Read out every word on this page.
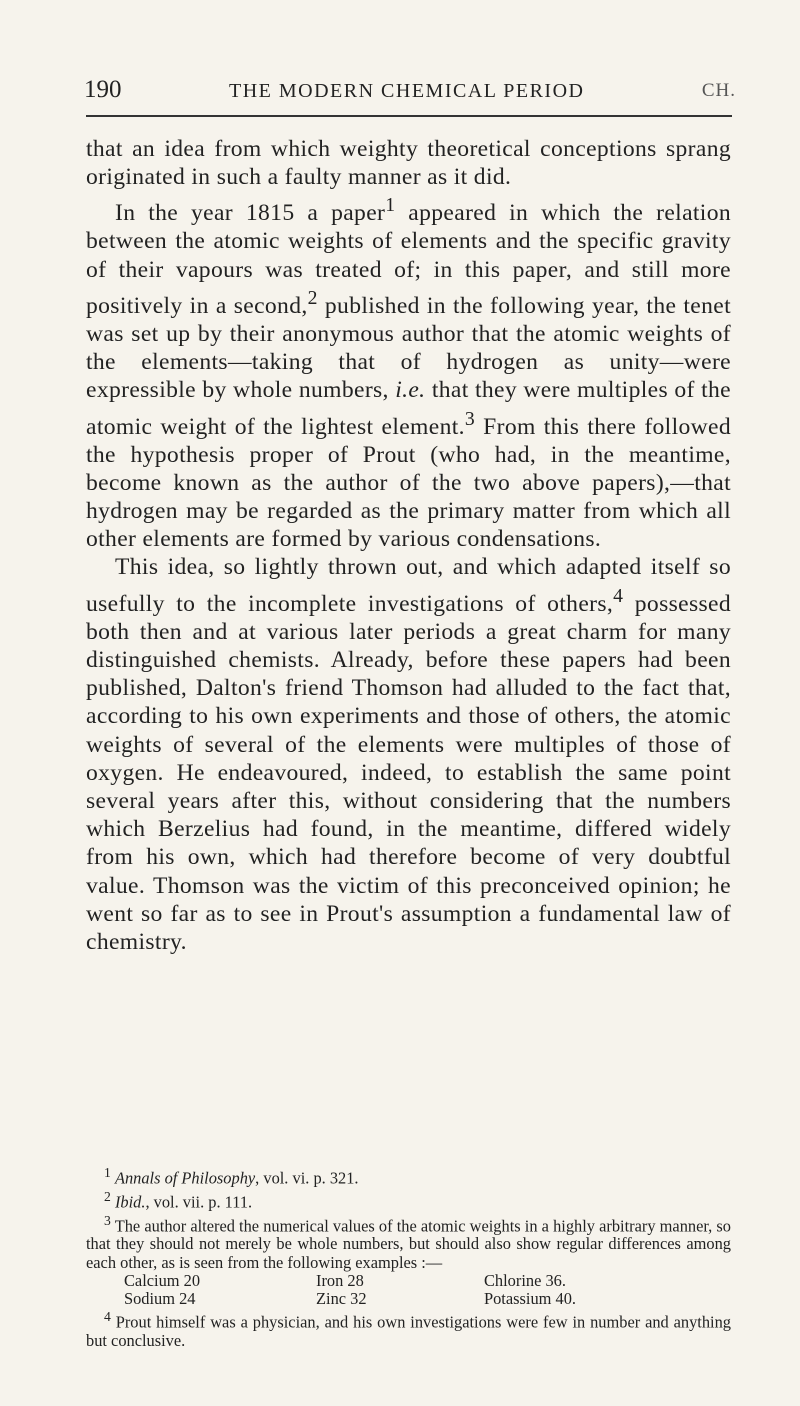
190	THE MODERN CHEMICAL PERIOD	CH.

that an idea from which weighty theoretical conceptions sprang originated in such a faulty manner as it did.

In the year 1815 a paper$^1$ appeared in which the relation between the atomic weights of elements and the specific gravity of their vapours was treated of; in this paper, and still more positively in a second,$^2$ published in the following year, the tenet was set up by their anonymous author that the atomic weights of the elements—taking that of hydrogen as unity—were expressible by whole numbers, i.e. that they were multiples of the atomic weight of the lightest element.$^3$ From this there followed the hypothesis proper of Prout (who had, in the meantime, become known as the author of the two above papers),—that hydrogen may be regarded as the primary matter from which all other elements are formed by various condensations.

This idea, so lightly thrown out, and which adapted itself so usefully to the incomplete investigations of others,$^4$ possessed both then and at various later periods a great charm for many distinguished chemists. Already, before these papers had been published, Dalton's friend Thomson had alluded to the fact that, according to his own experiments and those of others, the atomic weights of several of the elements were multiples of those of oxygen. He endeavoured, indeed, to establish the same point several years after this, without considering that the numbers which Berzelius had found, in the meantime, differed widely from his own, which had therefore become of very doubtful value. Thomson was the victim of this preconceived opinion; he went so far as to see in Prout's assumption a fundamental law of chemistry.

$^1$ Annals of Philosophy, vol. vi. p. 321.

$^2$ Ibid., vol. vii. p. 111.

$^3$ The author altered the numerical values of the atomic weights in a highly arbitrary manner, so that they should not merely be whole numbers, but should also show regular differences among each other, as is seen from the following examples :—

Calcium 20	Iron 28	Chlorine 36.
Sodium 24	Zinc 32	Potassium 40.

$^4$ Prout himself was a physician, and his own investigations were few in number and anything but conclusive.
